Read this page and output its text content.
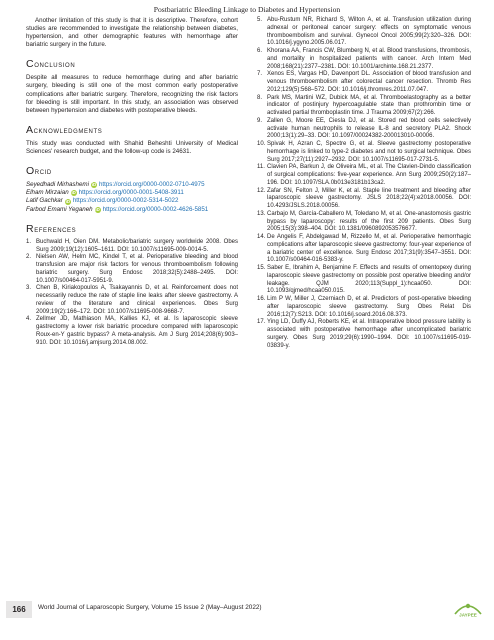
Postbariatric Bleeding Linkage to Diabetes and Hypertension

Another limitation of this study is that it is descriptive. Therefore, cohort studies are recommended to investigate the relationship between diabetes, hypertension, and other demographic features with hemorrhage after bariatric surgery in the future.

Conclusion

Despite all measures to reduce hemorrhage during and after bariatric surgery, bleeding is still one of the most common early postoperative complications after bariatric surgery. Therefore, recognizing the risk factors for bleeding is still important. In this study, an association was observed between hypertension and diabetes with postoperative bleeds.

Acknowledgments

This study was conducted with Shahid Beheshti University of Medical Sciences' research budget, and the follow-up code is 24631.

Orcid
Seyedhadi Mirhashemi iD https://orcid.org/0000-0002-0710-4975
Elham Mirzaian iD https://orcid.org/0000-0001-5408-3911
Latif Gachkar iD https://orcid.org/0000-0002-5314-5022
Farbod Emami Yeganeh iD https://orcid.org/0000-0002-4626-5851
References
1. Buchwald H, Oien DM. Metabolic/bariatric surgery worldwide 2008. Obes Surg 2009;19(12):1605–1611. DOI: 10.1007/s11695-009-0014-5.
2. Nielsen AW, Helm MC, Kindel T, et al. Perioperative bleeding and blood transfusion are major risk factors for venous thromboembolism following bariatric surgery. Surg Endosc 2018;32(5):2488–2495. DOI: 10.1007/s00464-017-5951-9.
3. Chen B, Kiriakopoulos A, Tsakayannis D, et al. Reinforcement does not necessarily reduce the rate of staple line leaks after sleeve gastrectomy. A review of the literature and clinical experiences. Obes Surg 2009;19(2):166–172. DOI: 10.1007/s11695-008-9668-7.
4. Zellmer JD, Mathiason MA, Kallies KJ, et al. Is laparoscopic sleeve gastrectomy a lower risk bariatric procedure compared with laparoscopic Roux-en-Y gastric bypass? A meta-analysis. Am J Surg 2014;208(6):903–910. DOI: 10.1016/j.amjsurg.2014.08.002.
5. Abu-Rustum NR, Richard S, Wilton A, et al. Transfusion utilization during adnexal or peritoneal cancer surgery: effects on symptomatic venous thromboembolism and survival. Gynecol Oncol 2005;99(2):320–326. DOI: 10.1016/j.ygyno.2005.06.017.
6. Khorana AA, Francis CW, Blumberg N, et al. Blood transfusions, thrombosis, and mortality in hospitalized patients with cancer. Arch Intern Med 2008;168(21):2377–2381. DOI: 10.1001/archinte.168.21.2377.
7. Xenos ES, Vargas HD, Davenport DL. Association of blood transfusion and venous thromboembolism after colorectal cancer resection. Thromb Res 2012;129(5):568–572. DOI: 10.1016/j.thromres.2011.07.047.
8. Park MS, Martini WZ, Dubick MA, et al. Thromboelastography as a better indicator of postinjury hypercoagulable state than prothrombin time or activated partial thromboplastin time. J Trauma 2009;67(2):266.
9. Zallen G, Moore EE, Ciesla DJ, et al. Stored red blood cells selectively activate human neutrophils to release IL-8 and secretory PLA2. Shock 2000;13(1):29–33. DOI: 10.1097/00024382-200013010-00006.
10. Spivak H, Azran C, Spectre G, et al. Sleeve gastrectomy postoperative hemorrhage is linked to type-2 diabetes and not to surgical technique. Obes Surg 2017;27(11):2927–2932. DOI: 10.1007/s11695-017-2731-5.
11. Clavien PA, Barkun J, de Oliveira ML, et al. The Clavien-Dindo classification of surgical complications: five-year experience. Ann Surg 2009;250(2):187–196. DOI: 10.1097/SLA.0b013e3181b13ca2.
12. Zafar SN, Felton J, Miller K, et al. Staple line treatment and bleeding after laparoscopic sleeve gastrectomy. JSLS 2018;22(4):e2018.00056. DOI: 10.4293/JSLS.2018.00056.
13. Carbajo M, García-Caballero M, Toledano M, et al. One-anastomosis gastric bypass by laparoscopy: results of the first 209 patients. Obes Surg 2005;15(3):398–404. DOI: 10.1381/0960892053576677.
14. De Angelis F, Abdelgawad M, Rizzello M, et al. Perioperative hemorrhagic complications after laparoscopic sleeve gastrectomy: four-year experience of a bariatric center of excellence. Surg Endosc 2017;31(9):3547–3551. DOI: 10.1007/s00464-016-5383-y.
15. Saber E, Ibrahim A, Benjamine F. Effects and results of omentopexy during laparoscopic sleeve gastrectomy on possible post operative bleeding and/or leakage. QJM 2020;113(Suppl_1):hcaa050. DOI: 10.1093/qjmed/hcaa050.015.
16. Lim P W, Miller J, Czerniach D, et al. Predictors of post-operative bleeding after laparoscopic sleeve gastrectomy. Surg Obes Relat Dis 2016;12(7):S213. DOI: 10.1016/j.soard.2016.08.373.
17. Ying LD, Duffy AJ, Roberts KE, et al. Intraoperative blood pressure lability is associated with postoperative hemorrhage after uncomplicated bariatric surgery. Obes Surg 2019;29(6):1990–1994. DOI: 10.1007/s11695-019-03839-y.
166	World Journal of Laparoscopic Surgery, Volume 15 Issue 2 (May–August 2022)
JAYPEE
